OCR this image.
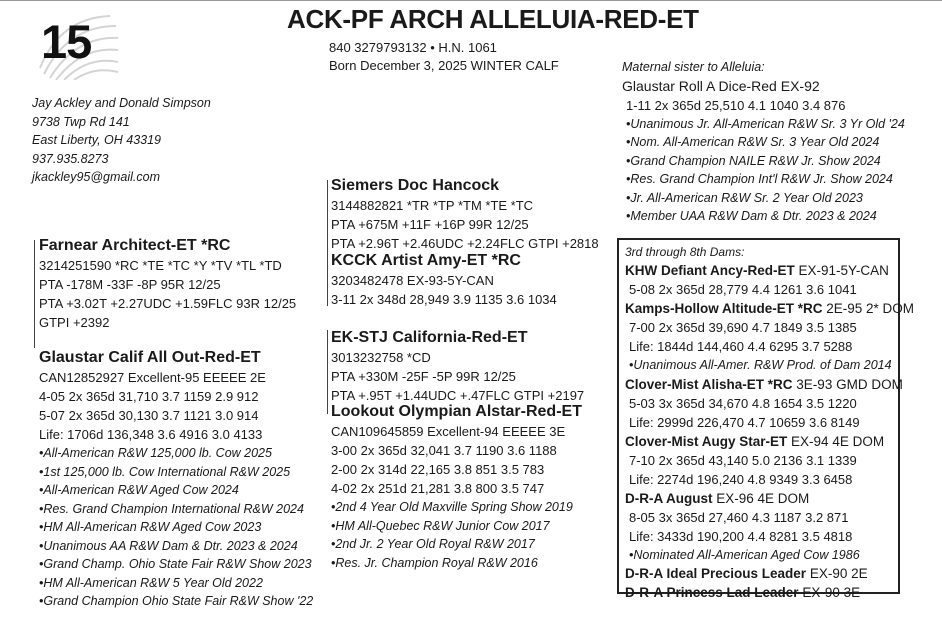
15	ACK-PF ARCH ALLELUIA-RED-ET
840 3279793132 • H.N. 1061
Born December 3, 2025 WINTER CALF
Jay Ackley and Donald Simpson
9738 Twp Rd 141
East Liberty, OH 43319
937.935.8273
jkackley95@gmail.com
Farnear Architect-ET *RC
3214251590 *RC *TE *TC *Y *TV *TL *TD
PTA -178M -33F -8P 95R 12/25
PTA +3.02T +2.27UDC +1.59FLC 93R 12/25
GTPI +2392
Glaustar Calif All Out-Red-ET
CAN12852927 Excellent-95 EEEEE 2E
4-05 2x 365d 31,710 3.7 1159 2.9 912
5-07 2x 365d 30,130 3.7 1121 3.0 914
Life: 1706d 136,348 3.6 4916 3.0 4133
•All-American R&W 125,000 lb. Cow 2025
•1st 125,000 lb. Cow International R&W 2025
•All-American R&W Aged Cow 2024
•Res. Grand Champion International R&W 2024
•HM All-American R&W Aged Cow 2023
•Unanimous AA R&W Dam & Dtr. 2023 & 2024
•Grand Champ. Ohio State Fair R&W Show 2023
•HM All-American R&W 5 Year Old 2022
•Grand Champion Ohio State Fair R&W Show '22
Siemers Doc Hancock
3144882821 *TR *TP *TM *TE *TC
PTA +675M +11F +16P 99R 12/25
PTA +2.96T +2.46UDC +2.24FLC GTPI +2818
KCCK Artist Amy-ET *RC
3203482478 EX-93-5Y-CAN
3-11 2x 348d 28,949 3.9 1135 3.6 1034
EK-STJ California-Red-ET
3013232758 *CD
PTA +330M -25F -5P 99R 12/25
PTA +.95T +1.44UDC +.47FLC GTPI +2197
Lookout Olympian Alstar-Red-ET
CAN109645859 Excellent-94 EEEEE 3E
3-00 2x 365d 32,041 3.7 1190 3.6 1188
2-00 2x 314d 22,165 3.8 851 3.5 783
4-02 2x 251d 21,281 3.8 800 3.5 747
•2nd 4 Year Old Maxville Spring Show 2019
•HM All-Quebec R&W Junior Cow 2017
•2nd Jr. 2 Year Old Royal R&W 2017
•Res. Jr. Champion Royal R&W 2016
Maternal sister to Alleluia:
Glaustar Roll A Dice-Red EX-92
1-11 2x 365d 25,510 4.1 1040 3.4 876
•Unanimous Jr. All-American R&W Sr. 3 Yr Old '24
•Nom. All-American R&W Sr. 3 Year Old 2024
•Grand Champion NAILE R&W Jr. Show 2024
•Res. Grand Champion Int'l R&W Jr. Show 2024
•Jr. All-American R&W Sr. 2 Year Old 2023
•Member UAA R&W Dam & Dtr. 2023 & 2024
3rd through 8th Dams:
KHW Defiant Ancy-Red-ET EX-91-5Y-CAN
5-08 2x 365d 28,779 4.4 1261 3.6 1041
Kamps-Hollow Altitude-ET *RC 2E-95 2* DOM
7-00 2x 365d 39,690 4.7 1849 3.5 1385
Life: 1844d 144,460 4.4 6295 3.7 5288
•Unanimous All-Amer. R&W Prod. of Dam 2014
Clover-Mist Alisha-ET *RC 3E-93 GMD DOM
5-03 3x 365d 34,670 4.8 1654 3.5 1220
Life: 2999d 226,470 4.7 10659 3.6 8149
Clover-Mist Augy Star-ET EX-94 4E DOM
7-10 2x 365d 43,140 5.0 2136 3.1 1339
Life: 2274d 196,240 4.8 9349 3.3 6458
D-R-A August EX-96 4E DOM
8-05 3x 365d 27,460 4.3 1187 3.2 871
Life: 3433d 190,200 4.4 8281 3.5 4818
•Nominated All-American Aged Cow 1986
D-R-A Ideal Precious Leader EX-90 2E
D-R-A Princess Lad Leader EX-90 3E
